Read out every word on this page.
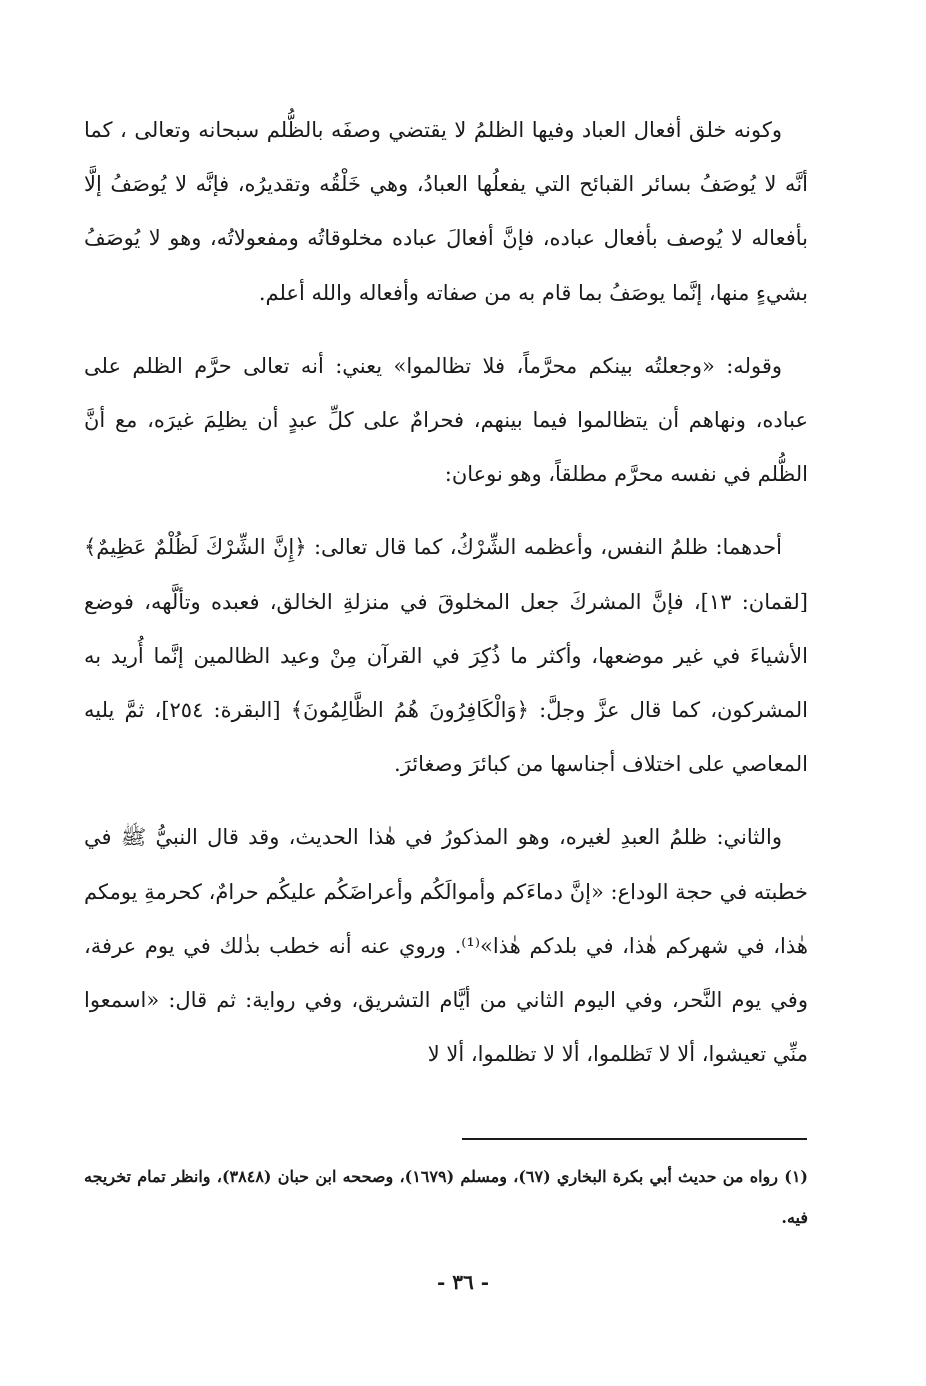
وكونه خلق أفعال العباد وفيها الظلمُ لا يقتضي وصفَه بالظُّلم سبحانه وتعالى ، كما أنَّه لا يُوصَفُ بسائر القبائح التي يفعلُها العبادُ، وهي خَلْقُه وتقديرُه، فإنَّه لا يُوصَفُ إلَّا بأفعاله لا يُوصف بأفعال عباده، فإنَّ أفعالَ عباده مخلوقاتُه ومفعولاتُه، وهو لا يُوصَفُ بشيءٍ منها، إنَّما يوصَفُ بما قام به من صفاته وأفعاله والله أعلم.

وقوله: «وجعلتُه بينكم محرَّماً، فلا تظالموا» يعني: أنه تعالى حرَّم الظلم على عباده، ونهاهم أن يتظالموا فيما بينهم، فحرامٌ على كلِّ عبدٍ أن يظلِمَ غيرَه، مع أنَّ الظُّلم في نفسه محرَّم مطلقاً، وهو نوعان:

أحدهما: ظلمُ النفس، وأعظمه الشِّرْكُ، كما قال تعالى: ﴿إِنَّ الشِّرْكَ لَظُلْمٌ عَظِيمٌ﴾ [لقمان: ١٣]، فإنَّ المشركَ جعل المخلوقَ في منزلةِ الخالق، فعبده وتألَّهه، فوضع الأشياءَ في غير موضعها، وأكثر ما ذُكِرَ في القرآن مِنْ وعيد الظالمين إنَّما أُريد به المشركون، كما قال عزَّ وجلَّ: ﴿وَالْكَافِرُونَ هُمُ الظَّالِمُونَ﴾ [البقرة: ٢٥٤]، ثمَّ يليه المعاصي على اختلاف أجناسها من كبائرَ وصغائرَ.

والثاني: ظلمُ العبدِ لغيره، وهو المذكورُ في هٰذا الحديث، وقد قال النبيُّ ﷺ في خطبته في حجة الوداع: «إنَّ دماءَكم وأموالَكُم وأعراضَكُم عليكُم حرامٌ، كحرمةِ يومكم هٰذا، في شهركم هٰذا، في بلدكم هٰذا»⁽¹⁾. وروي عنه أنه خطب بذٰلك في يوم عرفة، وفي يوم النَّحر، وفي اليوم الثاني من أيَّام التشريق، وفي رواية: ثم قال: «اسمعوا منِّي تعيشوا، ألا لا تَظلموا، ألا لا تظلموا، ألا لا

(١) رواه من حديث أبي بكرة البخاري (٦٧)، ومسلم (١٦٧٩)، وصححه ابن حبان (٣٨٤٨)، وانظر تمام تخريجه فيه.

- ٣٦ -
